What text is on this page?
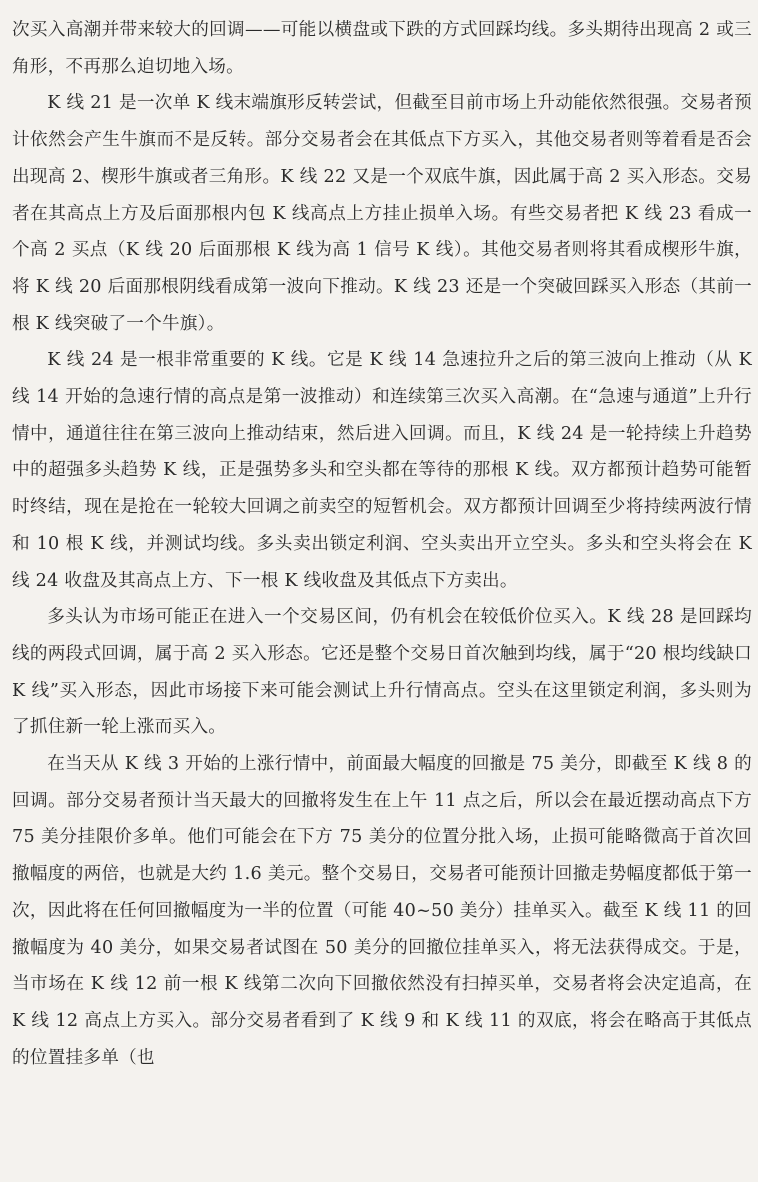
次买入高潮并带来较大的回调——可能以横盘或下跌的方式回踩均线。多头期待出现高 2 或三角形，不再那么迫切地入场。

K 线 21 是一次单 K 线末端旗形反转尝试，但截至目前市场上升动能依然很强。交易者预计依然会产生牛旗而不是反转。部分交易者会在其低点下方买入，其他交易者则等着看是否会出现高 2、楔形牛旗或者三角形。K 线 22 又是一个双底牛旗，因此属于高 2 买入形态。交易者在其高点上方及后面那根内包 K 线高点上方挂止损单入场。有些交易者把 K 线 23 看成一个高 2 买点（K 线 20 后面那根 K 线为高 1 信号 K 线）。其他交易者则将其看成楔形牛旗，将 K 线 20 后面那根阴线看成第一波向下推动。K 线 23 还是一个突破回踩买入形态（其前一根 K 线突破了一个牛旗）。

K 线 24 是一根非常重要的 K 线。它是 K 线 14 急速拉升之后的第三波向上推动（从 K 线 14 开始的急速行情的高点是第一波推动）和连续第三次买入高潮。在“急速与通道”上升行情中，通道往往在第三波向上推动结束，然后进入回调。而且，K 线 24 是一轮持续上升趋势中的超强多头趋势 K 线，正是强势多头和空头都在等待的那根 K 线。双方都预计趋势可能暂时终结，现在是抢在一轮较大回调之前卖空的短暂机会。双方都预计回调至少将持续两波行情和 10 根 K 线，并测试均线。多头卖出锁定利润、空头卖出开立空头。多头和空头将会在 K 线 24 收盘及其高点上方、下一根 K 线收盘及其低点下方卖出。

多头认为市场可能正在进入一个交易区间，仍有机会在较低价位买入。K 线 28 是回踩均线的两段式回调，属于高 2 买入形态。它还是整个交易日首次触到均线，属于“20 根均线缺口 K 线”买入形态，因此市场接下来可能会测试上升行情高点。空头在这里锁定利润，多头则为了抓住新一轮上涨而买入。

在当天从 K 线 3 开始的上涨行情中，前面最大幅度的回撤是 75 美分，即截至 K 线 8 的回调。部分交易者预计当天最大的回撤将发生在上午 11 点之后，所以会在最近摆动高点下方 75 美分挂限价多单。他们可能会在下方 75 美分的位置分批入场，止损可能略微高于首次回撤幅度的两倍，也就是大约 1.6 美元。整个交易日，交易者可能预计回撤走势幅度都低于第一次，因此将在任何回撤幅度为一半的位置（可能 40~50 美分）挂单买入。截至 K 线 11 的回撤幅度为 40 美分，如果交易者试图在 50 美分的回撤位挂单买入，将无法获得成交。于是，当市场在 K 线 12 前一根 K 线第二次向下回撤依然没有扫掉买单，交易者将会决定追高，在 K 线 12 高点上方买入。部分交易者看到了 K 线 9 和 K 线 11 的双底，将会在略高于其低点的位置挂多单（也
